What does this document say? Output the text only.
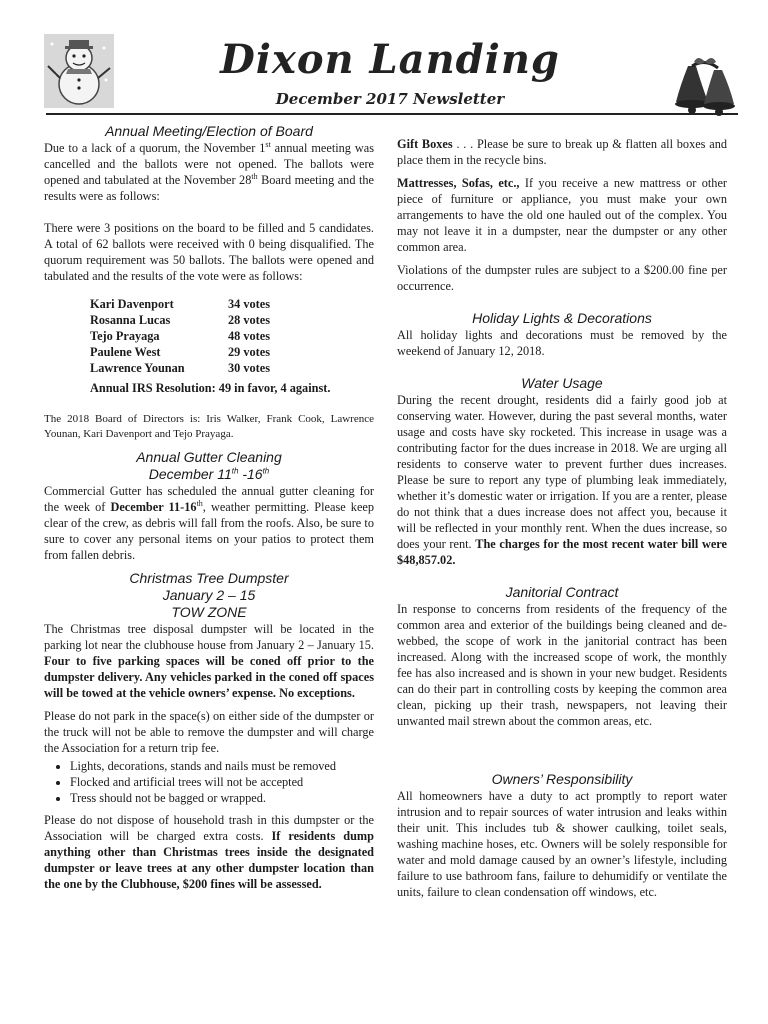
Dixon Landing
December 2017 Newsletter
Annual Meeting/Election of Board

Due to a lack of a quorum, the November 1st annual meeting was cancelled and the ballots were not opened. The ballots were opened and tabulated at the November 28th Board meeting and the results were as follows:

There were 3 positions on the board to be filled and 5 candidates. A total of 62 ballots were received with 0 being disqualified. The quorum requirement was 50 ballots. The ballots were opened and tabulated and the results of the vote were as follows:

Kari Davenport	34 votes
Rosanna Lucas	28 votes
Tejo Prayaga	48 votes
Paulene West	29 votes
Lawrence Younan	30 votes
Annual IRS Resolution: 49 in favor, 4 against.

The 2018 Board of Directors is: Iris Walker, Frank Cook, Lawrence Younan, Kari Davenport and Tejo Prayaga.

Annual Gutter Cleaning
December 11th -16th

Commercial Gutter has scheduled the annual gutter cleaning for the week of December 11-16th, weather permitting. Please keep clear of the crew, as debris will fall from the roofs. Also, be sure to sure to cover any personal items on your patios to protect them from fallen debris.

Christmas Tree Dumpster
January 2 – 15
TOW ZONE

The Christmas tree disposal dumpster will be located in the parking lot near the clubhouse house from January 2 – January 15. Four to five parking spaces will be coned off prior to the dumpster delivery. Any vehicles parked in the coned off spaces will be towed at the vehicle owners’ expense. No exceptions.

Please do not park in the space(s) on either side of the dumpster or the truck will not be able to remove the dumpster and will charge the Association for a return trip fee.

• Lights, decorations, stands and nails must be removed
• Flocked and artificial trees will not be accepted
• Tress should not be bagged or wrapped.

Please do not dispose of household trash in this dumpster or the Association will be charged extra costs. If residents dump anything other than Christmas trees inside the designated dumpster or leave trees at any other dumpster location than the one by the Clubhouse, $200 fines will be assessed.

Gift Boxes . . . Please be sure to break up & flatten all boxes and place them in the recycle bins.

Mattresses, Sofas, etc., If you receive a new mattress or other piece of furniture or appliance, you must make your own arrangements to have the old one hauled out of the complex. You may not leave it in a dumpster, near the dumpster or any other common area.

Violations of the dumpster rules are subject to a $200.00 fine per occurrence.

Holiday Lights & Decorations

All holiday lights and decorations must be removed by the weekend of January 12, 2018.

Water Usage

During the recent drought, residents did a fairly good job at conserving water. However, during the past several months, water usage and costs have sky rocketed. This increase in usage was a contributing factor for the dues increase in 2018. We are urging all residents to conserve water to prevent further dues increases. Please be sure to report any type of plumbing leak immediately, whether it’s domestic water or irrigation. If you are a renter, please do not think that a dues increase does not affect you, because it will be reflected in your monthly rent. When the dues increase, so does your rent. The charges for the most recent water bill were $48,857.02.

Janitorial Contract

In response to concerns from residents of the frequency of the common area and exterior of the buildings being cleaned and de-webbed, the scope of work in the janitorial contract has been increased. Along with the increased scope of work, the monthly fee has also increased and is shown in your new budget. Residents can do their part in controlling costs by keeping the common area clean, picking up their trash, newspapers, not leaving their unwanted mail strewn about the common areas, etc.

Owners’ Responsibility

All homeowners have a duty to act promptly to report water intrusion and to repair sources of water intrusion and leaks within their unit. This includes tub & shower caulking, toilet seals, washing machine hoses, etc. Owners will be solely responsible for water and mold damage caused by an owner’s lifestyle, including failure to use bathroom fans, failure to dehumidify or ventilate the units, failure to clean condensation off windows, etc.
